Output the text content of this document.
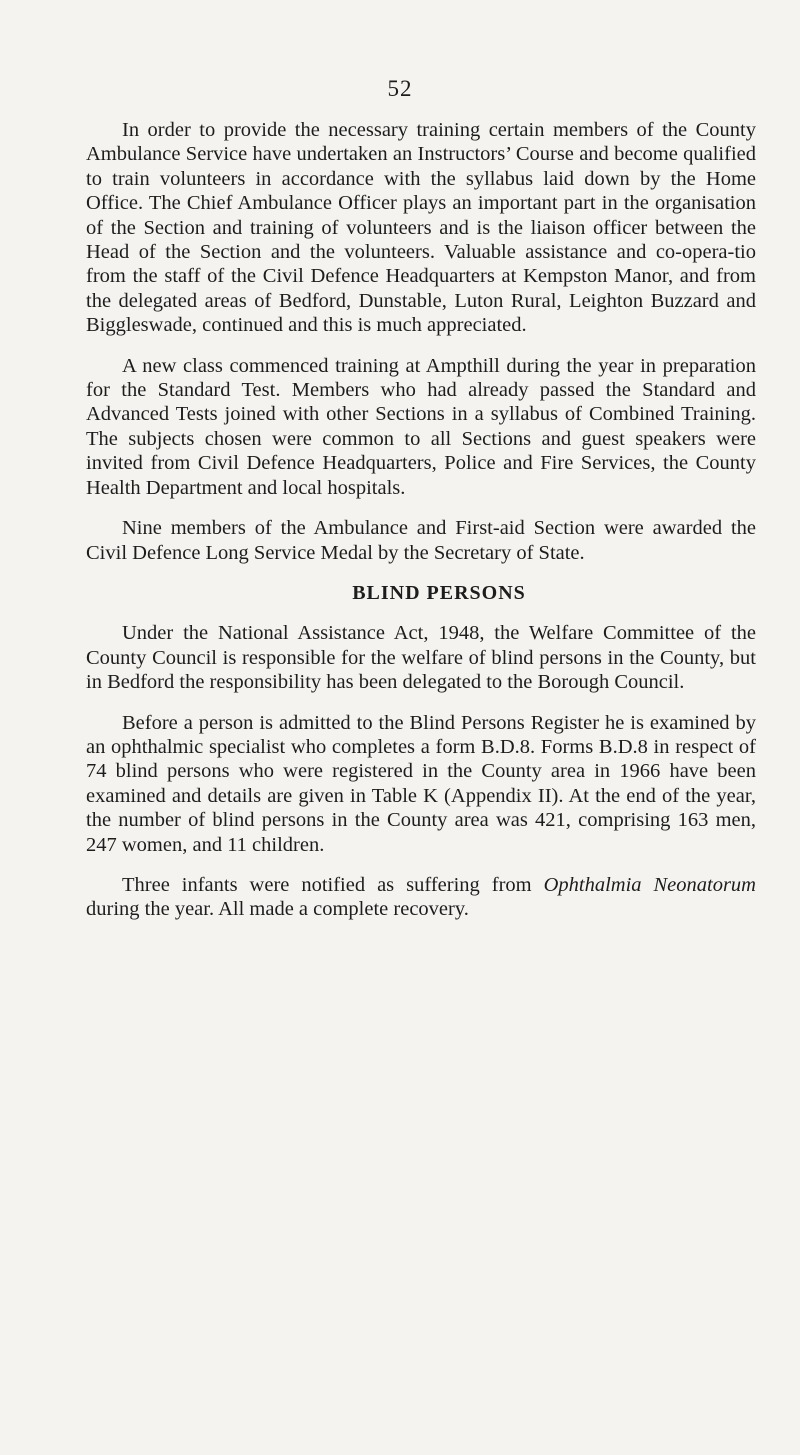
52

In order to provide the necessary training certain members of the County Ambulance Service have undertaken an Instructors’ Course and become qualified to train volunteers in accordance with the syllabus laid down by the Home Office. The Chief Ambulance Officer plays an important part in the organisation of the Section and training of volunteers and is the liaison officer between the Head of the Section and the volunteers. Valuable assistance and co-opera-tio from the staff of the Civil Defence Headquarters at Kempston Manor, and from the delegated areas of Bedford, Dunstable, Luton Rural, Leighton Buzzard and Biggleswade, continued and this is much appreciated.

A new class commenced training at Ampthill during the year in preparation for the Standard Test. Members who had already passed the Standard and Advanced Tests joined with other Sections in a syllabus of Combined Training. The subjects chosen were common to all Sections and guest speakers were invited from Civil Defence Headquarters, Police and Fire Services, the County Health Department and local hospitals.

Nine members of the Ambulance and First-aid Section were awarded the Civil Defence Long Service Medal by the Secretary of State.

BLIND PERSONS

Under the National Assistance Act, 1948, the Welfare Committee of the County Council is responsible for the welfare of blind persons in the County, but in Bedford the responsibility has been delegated to the Borough Council.

Before a person is admitted to the Blind Persons Register he is examined by an ophthalmic specialist who completes a form B.D.8. Forms B.D.8 in respect of 74 blind persons who were registered in the County area in 1966 have been examined and details are given in Table K (Appendix II). At the end of the year, the number of blind persons in the County area was 421, comprising 163 men, 247 women, and 11 children.

Three infants were notified as suffering from Ophthalmia Neonatorum during the year. All made a complete recovery.
